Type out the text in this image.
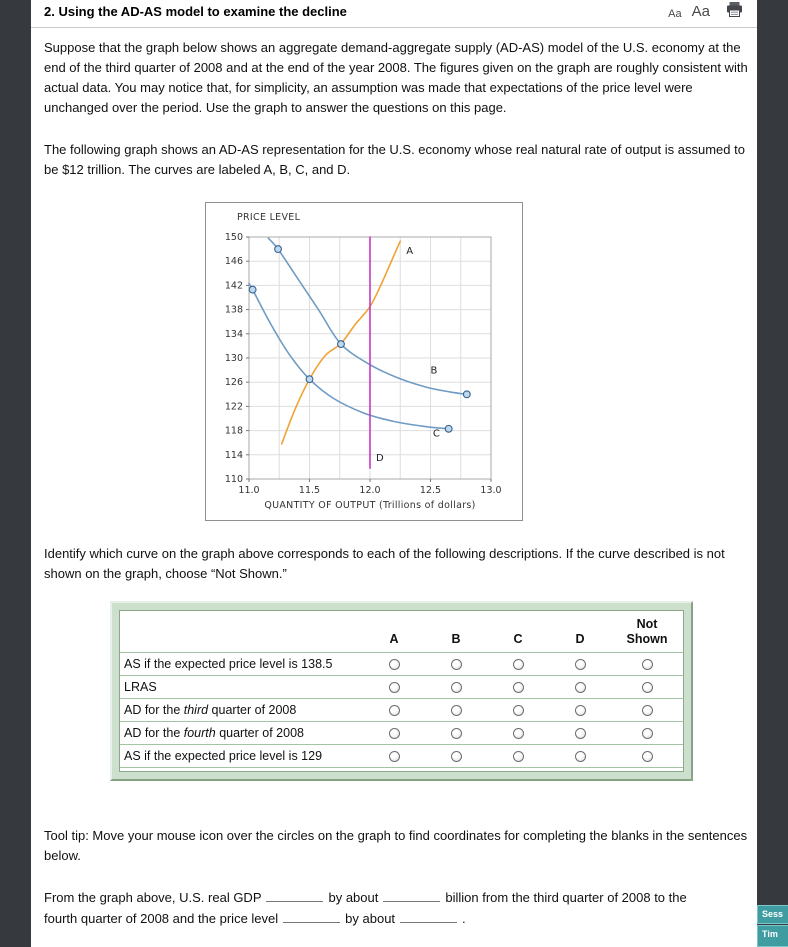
2. Using the AD-AS model to examine the decline	Aa Aa

Suppose that the graph below shows an aggregate demand-aggregate supply (AD-AS) model of the U.S. economy at the end of the third quarter of 2008 and at the end of the year 2008. The figures given on the graph are roughly consistent with actual data. You may notice that, for simplicity, an assumption was made that expectations of the price level were unchanged over the period. Use the graph to answer the questions on this page.

The following graph shows an AD-AS representation for the U.S. economy whose real natural rate of output is assumed to be $12 trillion. The curves are labeled A, B, C, and D.

110
114
118
122
126
130
134
138
142
146
150
11.0	11.5	12.0	12.5	13.0
B
C
A
D
PRICE LEVEL
QUANTITY OF OUTPUT (Trillions of dollars)

Identify which curve on the graph above corresponds to each of the following descriptions. If the curve described is not shown on the graph, choose “Not Shown.”

A	B	C	D
Not
Shown
AS if the expected price level is 138.5
LRAS
AD for the third quarter of 2008
AD for the fourth quarter of 2008
AS if the expected price level is 129

Tool tip: Move your mouse icon over the circles on the graph to find coordinates for completing the blanks in the sentences below.

From the graph above, U.S. real GDP	by about	billion from the third quarter of 2008 to the
fourth quarter of 2008 and the price level	by about	.	Sess
Tim
